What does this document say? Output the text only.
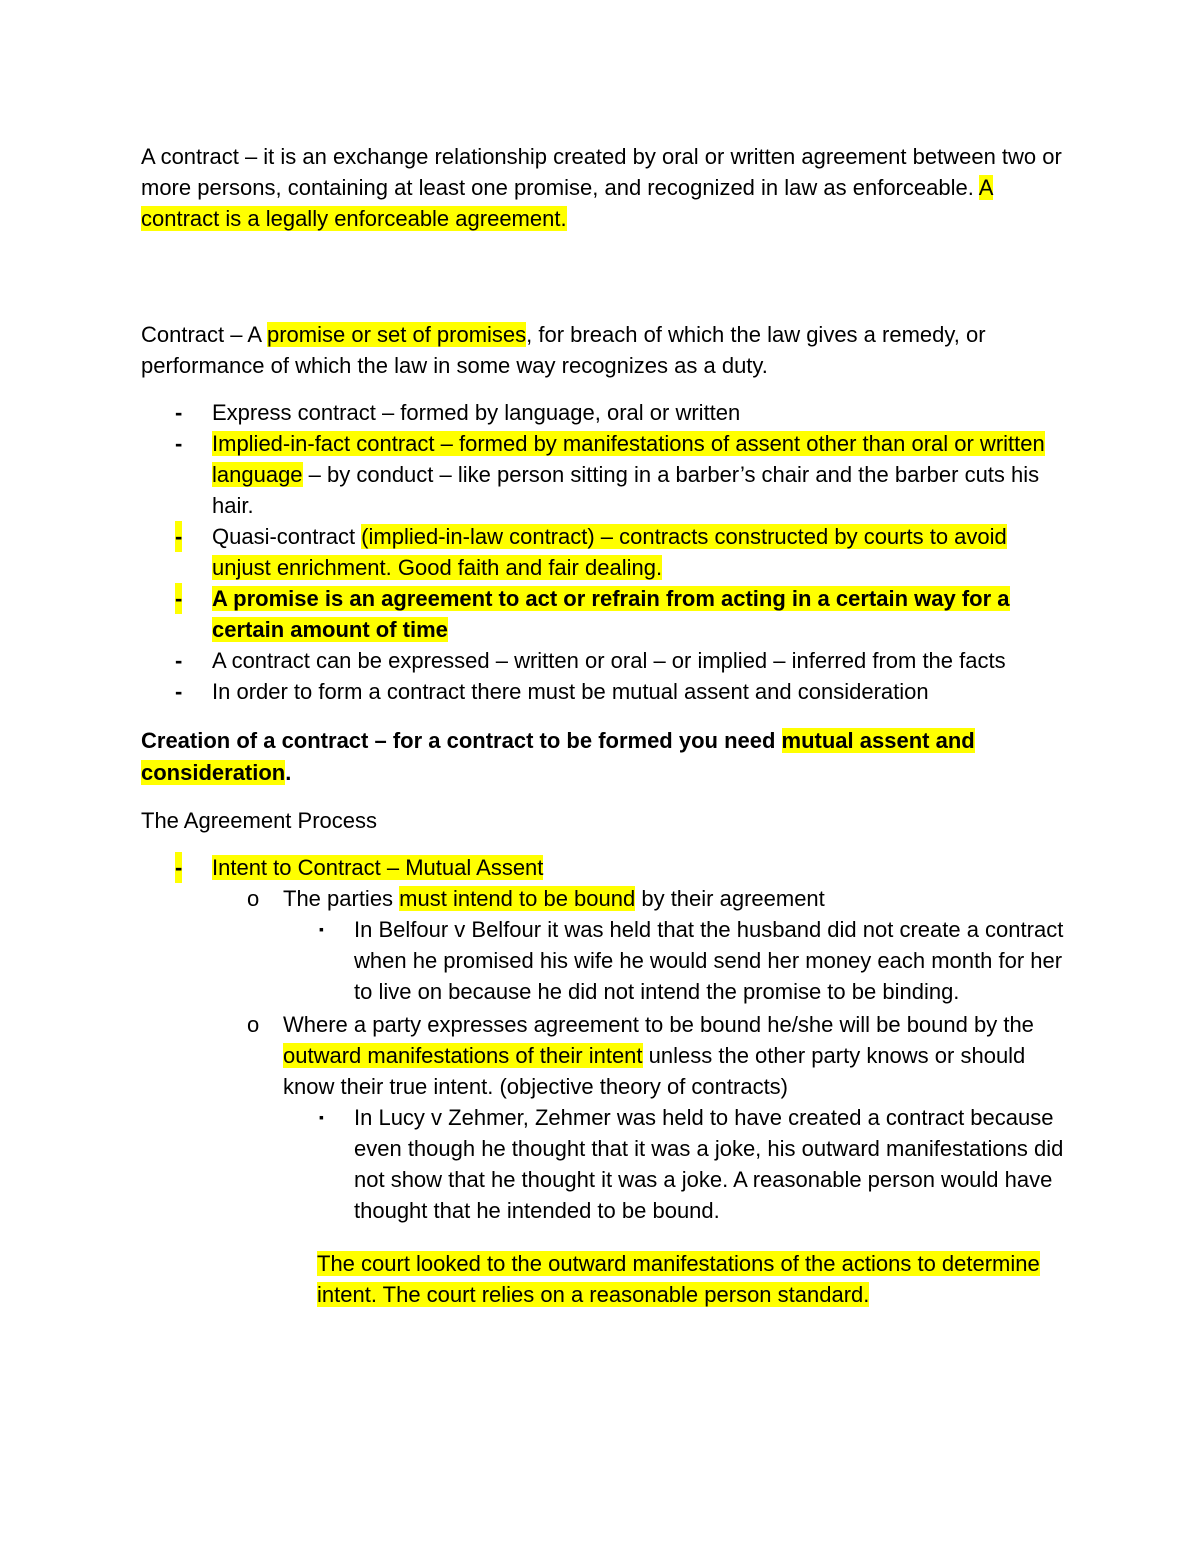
A contract – it is an exchange relationship created by oral or written agreement between two or more persons, containing at least one promise, and recognized in law as enforceable. A contract is a legally enforceable agreement.

Contract – A promise or set of promises, for breach of which the law gives a remedy, or performance of which the law in some way recognizes as a duty.

- Express contract – formed by language, oral or written
- Implied-in-fact contract – formed by manifestations of assent other than oral or written language – by conduct – like person sitting in a barber’s chair and the barber cuts his hair.
- Quasi-contract (implied-in-law contract) – contracts constructed by courts to avoid unjust enrichment. Good faith and fair dealing.
- A promise is an agreement to act or refrain from acting in a certain way for a certain amount of time
- A contract can be expressed – written or oral – or implied – inferred from the facts
- In order to form a contract there must be mutual assent and consideration

Creation of a contract – for a contract to be formed you need mutual assent and consideration.

The Agreement Process

- Intent to Contract – Mutual Assent
o The parties must intend to be bound by their agreement
▪ In Belfour v Belfour it was held that the husband did not create a contract when he promised his wife he would send her money each month for her to live on because he did not intend the promise to be binding.
o Where a party expresses agreement to be bound he/she will be bound by the outward manifestations of their intent unless the other party knows or should know their true intent. (objective theory of contracts)
▪ In Lucy v Zehmer, Zehmer was held to have created a contract because even though he thought that it was a joke, his outward manifestations did not show that he thought it was a joke. A reasonable person would have thought that he intended to be bound.

The court looked to the outward manifestations of the actions to determine intent. The court relies on a reasonable person standard.
